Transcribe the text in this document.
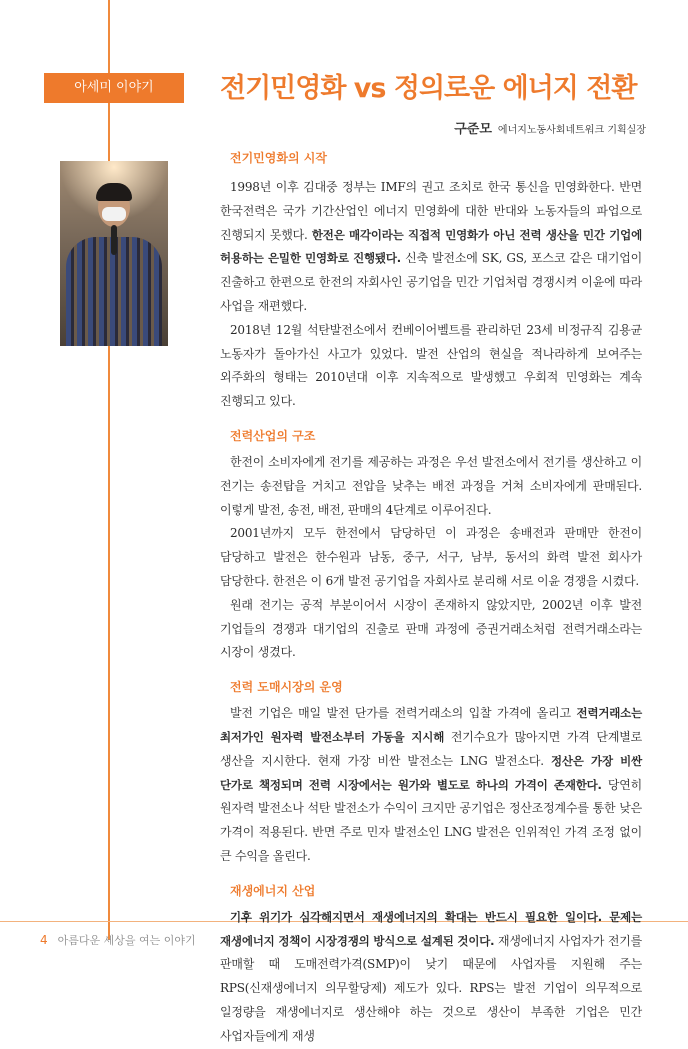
아세미 이야기	전기민영화 vs 정의로운 에너지 전환
구준모 에너지노동사회네트워크 기획실장
전기민영화의 시작

1998년 이후 김대중 정부는 IMF의 권고 조치로 한국 통신을 민영화한다. 반면 한국전력은 국가 기간산업인 에너지 민영화에 대한 반대와 노동자들의 파업으로 진행되지 못했다. 한전은 매각이라는 직접적 민영화가 아닌 전력 생산을 민간 기업에 허용하는 은밀한 민영화로 진행됐다. 신축 발전소에 SK, GS, 포스코 같은 대기업이 진출하고 한편으로 한전의 자회사인 공기업을 민간 기업처럼 경쟁시켜 이윤에 따라 사업을 재편했다.

2018년 12월 석탄발전소에서 컨베이어벨트를 관리하던 23세 비정규직 김용균 노동자가 돌아가신 사고가 있었다. 발전 산업의 현실을 적나라하게 보여주는 외주화의 형태는 2010년대 이후 지속적으로 발생했고 우회적 민영화는 계속 진행되고 있다.

전력산업의 구조

한전이 소비자에게 전기를 제공하는 과정은 우선 발전소에서 전기를 생산하고 이 전기는 송전탑을 거치고 전압을 낮추는 배전 과정을 거쳐 소비자에게 판매된다. 이렇게 발전, 송전, 배전, 판매의 4단계로 이루어진다.

2001년까지 모두 한전에서 담당하던 이 과정은 송배전과 판매만 한전이 담당하고 발전은 한수원과 남동, 중구, 서구, 남부, 동서의 화력 발전 회사가 담당한다. 한전은 이 6개 발전 공기업을 자회사로 분리해 서로 이윤 경쟁을 시켰다.

원래 전기는 공적 부분이어서 시장이 존재하지 않았지만, 2002년 이후 발전 기업들의 경쟁과 대기업의 진출로 판매 과정에 증권거래소처럼 전력거래소라는 시장이 생겼다.

전력 도매시장의 운영

발전 기업은 매일 발전 단가를 전력거래소의 입찰 가격에 올리고 전력거래소는 최저가인 원자력 발전소부터 가동을 지시해 전기수요가 많아지면 가격 단계별로 생산을 지시한다. 현재 가장 비싼 발전소는 LNG 발전소다. 정산은 가장 비싼 단가로 책정되며 전력 시장에서는 원가와 별도로 하나의 가격이 존재한다. 당연히 원자력 발전소나 석탄 발전소가 수익이 크지만 공기업은 정산조정계수를 통한 낮은 가격이 적용된다. 반면 주로 민자 발전소인 LNG 발전은 인위적인 가격 조정 없이 큰 수익을 올린다.

재생에너지 산업

기후 위기가 심각해지면서 재생에너지의 확대는 반드시 필요한 일이다. 문제는 재생에너지 정책이 시장경쟁의 방식으로 설계된 것이다. 재생에너지 사업자가 전기를 판매할 때 도매전력가격(SMP)이 낮기 때문에 사업자를 지원해 주는 RPS(신재생에너지 의무할당제) 제도가 있다. RPS는 발전 기업이 의무적으로 일정량을 재생에너지로 생산해야 하는 것으로 생산이 부족한 기업은 민간 사업자들에게 재생

4 아름다운 세상을 여는 이야기
